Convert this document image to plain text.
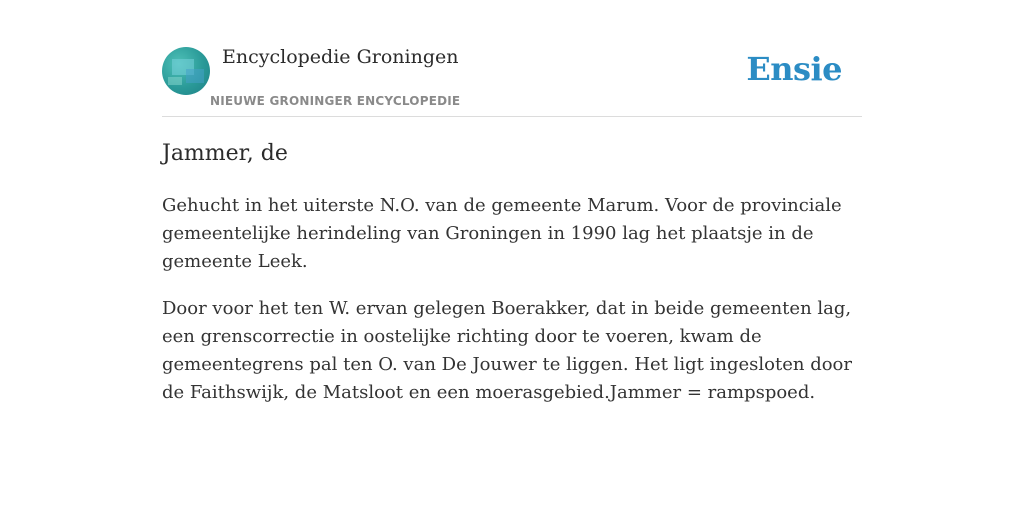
Encyclopedie Groningen
NIEUWE GRONINGER ENCYCLOPEDIE
Ensie
Jammer, de

Gehucht in het uiterste N.O. van de gemeente Marum. Voor de provinciale gemeentelijke herindeling van Groningen in 1990 lag het plaatsje in de gemeente Leek.

Door voor het ten W. ervan gelegen Boerakker, dat in beide gemeenten lag, een grenscorrectie in oostelijke richting door te voeren, kwam de gemeentegrens pal ten O. van De Jouwer te liggen. Het ligt ingesloten door de Faithswijk, de Matsloot en een moerasgebied.Jammer = rampspoed.
